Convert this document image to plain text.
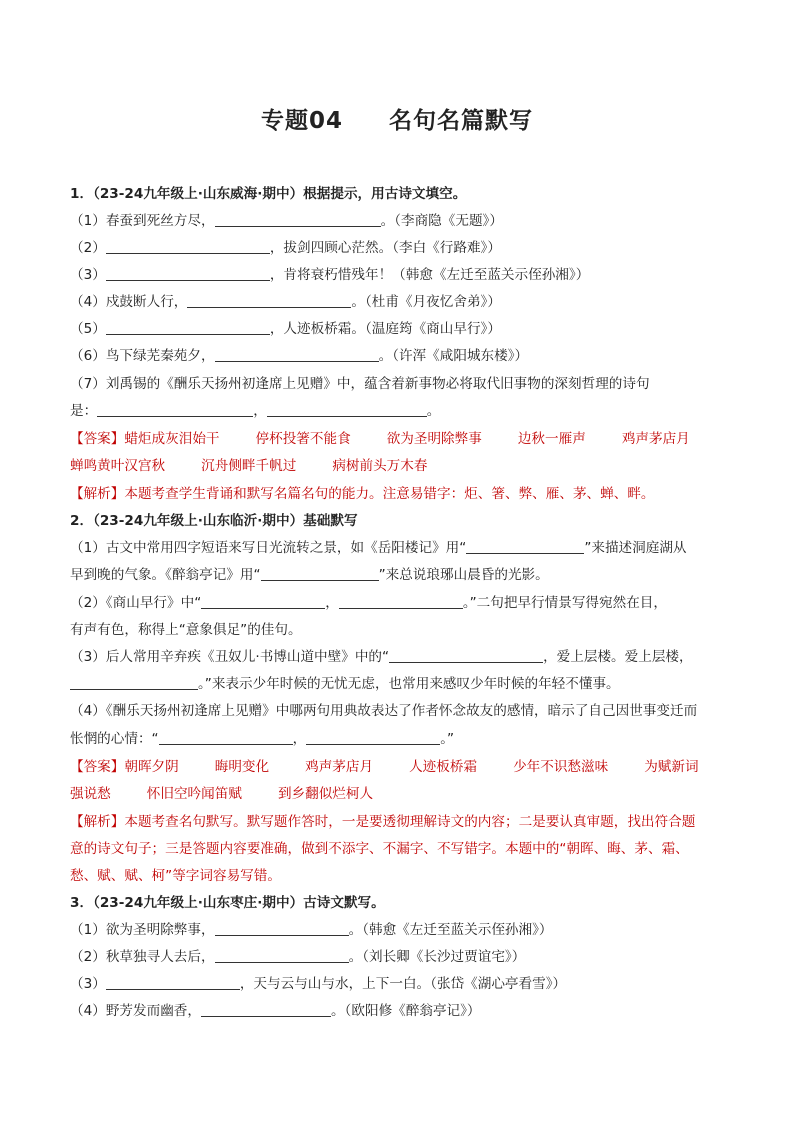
专题04 名句名篇默写
1．（23-24九年级上·山东威海·期中）根据提示，用古诗文填空。
（1）春蚕到死丝方尽，	。（李商隐《无题》）
（2）	，拔剑四顾心茫然。（李白《行路难》）
（3）	，肯将衰朽惜残年！（韩愈《左迁至蓝关示侄孙湘》）
（4）戍鼓断人行，	。（杜甫《月夜忆舍弟》）
（5）	，人迹板桥霜。（温庭筠《商山早行》）
（6）鸟下绿芜秦苑夕，	。（许浑《咸阳城东楼》）
（7）刘禹锡的《酬乐天扬州初逢席上见赠》中，蕴含着新事物必将取代旧事物的深刻哲理的诗句
是：	，	。
【答案】蜡炬成灰泪始干	停杯投箸不能食	欲为圣明除弊事	边秋一雁声	鸡声茅店月
蝉鸣黄叶汉宫秋	沉舟侧畔千帆过	病树前头万木春
【解析】本题考查学生背诵和默写名篇名句的能力。注意易错字：炬、箸、弊、雁、茅、蝉、畔。
2．（23-24九年级上·山东临沂·期中）基础默写
（1）古文中常用四字短语来写日光流转之景，如《岳阳楼记》用“	”来描述洞庭湖从
早到晚的气象。《醉翁亭记》用“	”来总说琅琊山晨昏的光影。
（2）《商山早行》中“	，	。”二句把早行情景写得宛然在目，
有声有色，称得上“意象俱足”的佳句。
（3）后人常用辛弃疾《丑奴儿·书博山道中壁》中的“	，爱上层楼。爱上层楼，
。”来表示少年时候的无忧无虑，也常用来感叹少年时候的年轻不懂事。
（4）《酬乐天扬州初逢席上见赠》中哪两句用典故表达了作者怀念故友的感情，暗示了自己因世事变迁而
怅惘的心情：“	，	。”
【答案】朝晖夕阴	晦明变化	鸡声茅店月	人迹板桥霜	少年不识愁滋味	为赋新词
强说愁	怀旧空吟闻笛赋	到乡翻似烂柯人
【解析】本题考查名句默写。默写题作答时，一是要透彻理解诗文的内容；二是要认真审题，找出符合题
意的诗文句子；三是答题内容要准确，做到不添字、不漏字、不写错字。本题中的“朝晖、晦、茅、霜、
愁、赋、赋、柯”等字词容易写错。
3．（23-24九年级上·山东枣庄·期中）古诗文默写。
（1）欲为圣明除弊事，	。（韩愈《左迁至蓝关示侄孙湘》）
（2）秋草独寻人去后，	。（刘长卿《长沙过贾谊宅》）
（3）	，天与云与山与水，上下一白。（张岱《湖心亭看雪》）
（4）野芳发而幽香，	。（欧阳修《醉翁亭记》）
